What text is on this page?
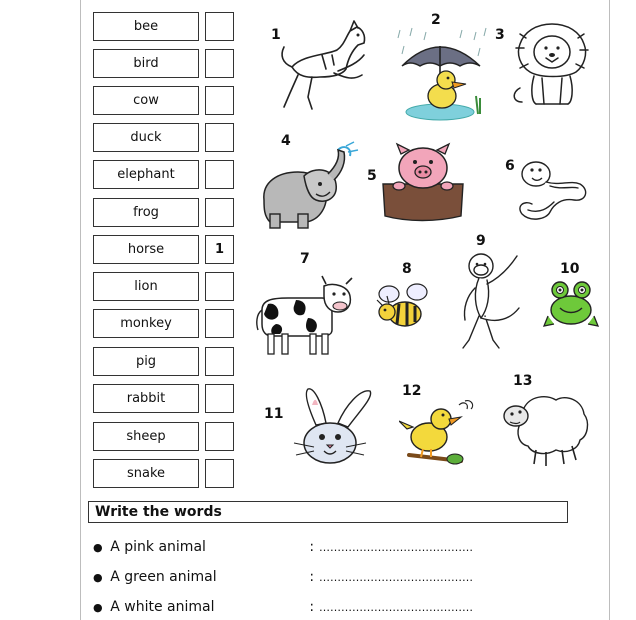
bee
bird
cow
duck
elephant
frog
horse	1
lion
monkey
pig
rabbit
sheep
snake
1
2
3
4
5
6
7
8
9
10
11
12
13
Write the words
● A pink animal	: ……………………………………
● A green animal	: ……………………………………
● A white animal	: ……………………………………
